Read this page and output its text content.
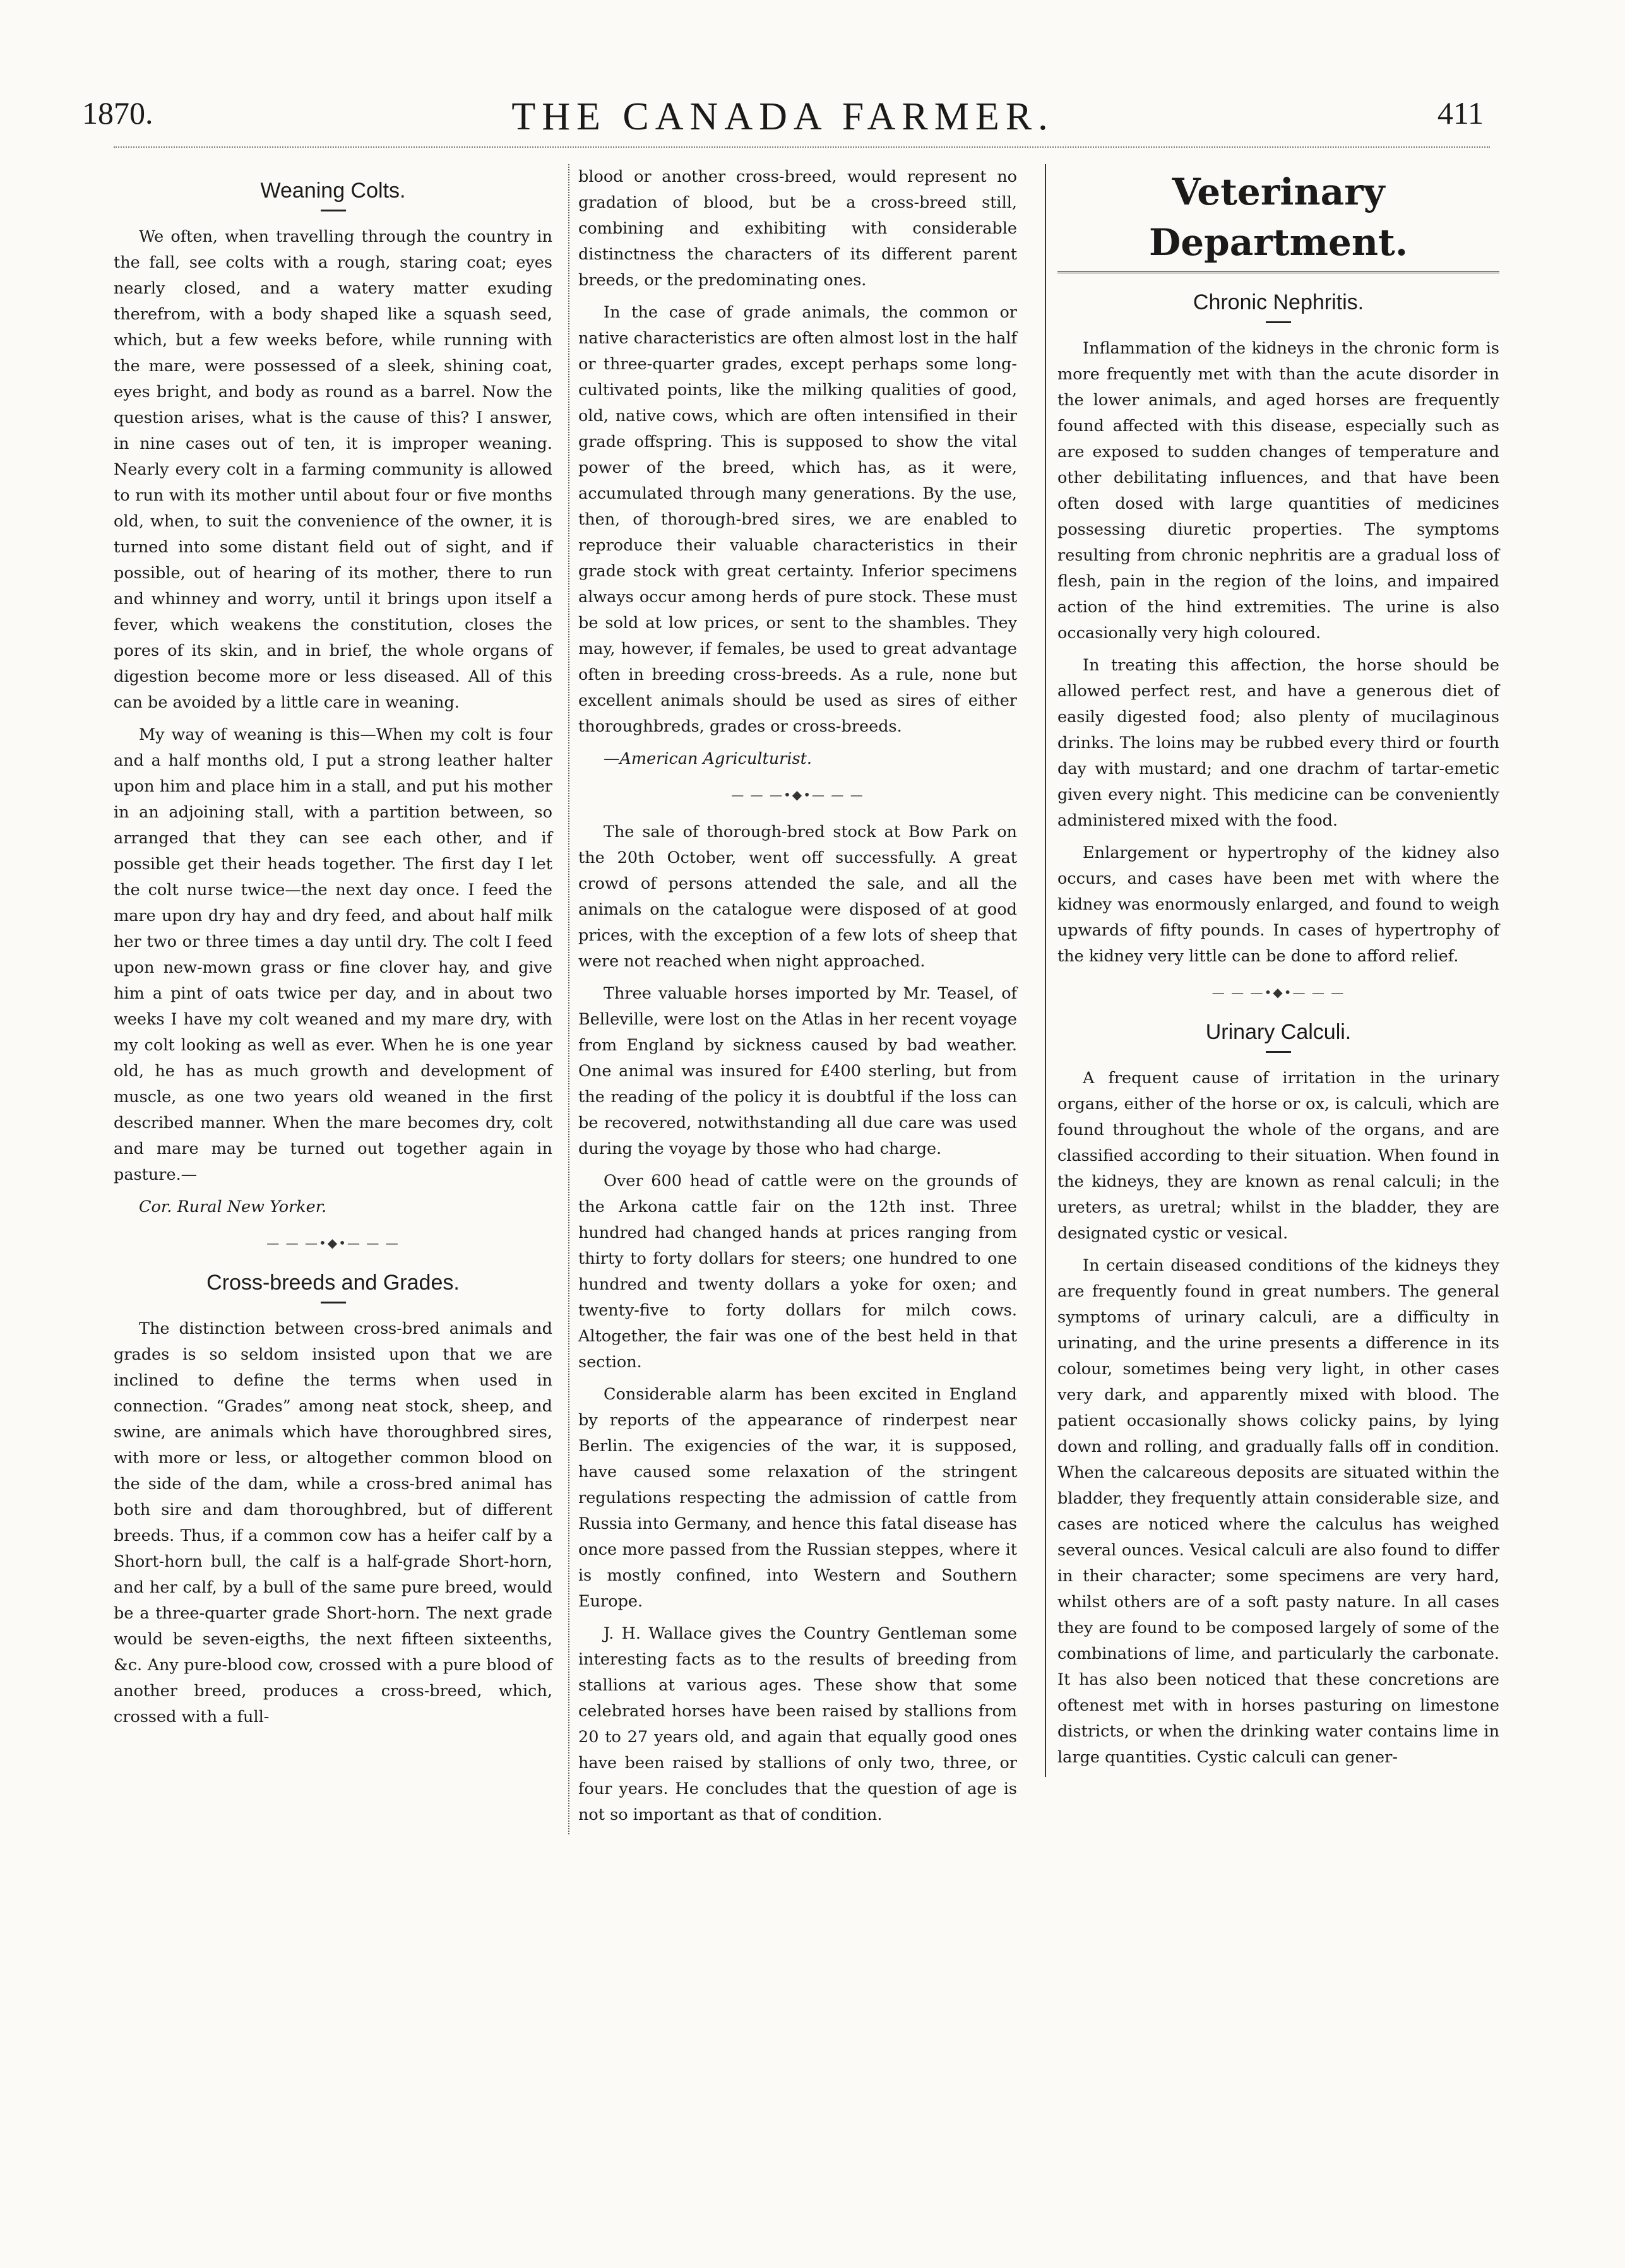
1870.	THE CANADA FARMER.	411
Weaning Colts.

We often, when travelling through the country in the fall, see colts with a rough, staring coat; eyes nearly closed, and a watery matter exuding therefrom, with a body shaped like a squash seed, which, but a few weeks before, while running with the mare, were possessed of a sleek, shining coat, eyes bright, and body as round as a barrel. Now the question arises, what is the cause of this? I answer, in nine cases out of ten, it is improper weaning. Nearly every colt in a farming community is allowed to run with its mother until about four or five months old, when, to suit the convenience of the owner, it is turned into some distant field out of sight, and if possible, out of hearing of its mother, there to run and whinney and worry, until it brings upon itself a fever, which weakens the constitution, closes the pores of its skin, and in brief, the whole organs of digestion become more or less diseased. All of this can be avoided by a little care in weaning.

My way of weaning is this—When my colt is four and a half months old, I put a strong leather halter upon him and place him in a stall, and put his mother in an adjoining stall, with a partition between, so arranged that they can see each other, and if possible get their heads together. The first day I let the colt nurse twice—the next day once. I feed the mare upon dry hay and dry feed, and about half milk her two or three times a day until dry. The colt I feed upon new-mown grass or fine clover hay, and give him a pint of oats twice per day, and in about two weeks I have my colt weaned and my mare dry, with my colt looking as well as ever. When he is one year old, he has as much growth and development of muscle, as one two years old weaned in the first described manner. When the mare becomes dry, colt and mare may be turned out together again in pasture.—

Cor. Rural New Yorker.

— — —•◆•— — —
Cross-breeds and Grades.

The distinction between cross-bred animals and grades is so seldom insisted upon that we are inclined to define the terms when used in connection. “Grades” among neat stock, sheep, and swine, are animals which have thoroughbred sires, with more or less, or altogether common blood on the side of the dam, while a cross-bred animal has both sire and dam thoroughbred, but of different breeds. Thus, if a common cow has a heifer calf by a Short-horn bull, the calf is a half-grade Short-horn, and her calf, by a bull of the same pure breed, would be a three-quarter grade Short-horn. The next grade would be seven-eigths, the next fifteen sixteenths, &c. Any pure-blood cow, crossed with a pure blood of another breed, produces a cross-breed, which, crossed with a full-

blood or another cross-breed, would represent no gradation of blood, but be a cross-breed still, combining and exhibiting with considerable distinctness the characters of its different parent breeds, or the predominating ones.

In the case of grade animals, the common or native characteristics are often almost lost in the half or three-quarter grades, except perhaps some long-cultivated points, like the milking qualities of good, old, native cows, which are often intensified in their grade offspring. This is supposed to show the vital power of the breed, which has, as it were, accumulated through many generations. By the use, then, of thorough-bred sires, we are enabled to reproduce their valuable characteristics in their grade stock with great certainty. Inferior specimens always occur among herds of pure stock. These must be sold at low prices, or sent to the shambles. They may, however, if females, be used to great advantage often in breeding cross-breeds. As a rule, none but excellent animals should be used as sires of either thoroughbreds, grades or cross-breeds.

—American Agriculturist.

— — —•◆•— — —

The sale of thorough-bred stock at Bow Park on the 20th October, went off successfully. A great crowd of persons attended the sale, and all the animals on the catalogue were disposed of at good prices, with the exception of a few lots of sheep that were not reached when night approached.

Three valuable horses imported by Mr. Teasel, of Belleville, were lost on the Atlas in her recent voyage from England by sickness caused by bad weather. One animal was insured for £400 sterling, but from the reading of the policy it is doubtful if the loss can be recovered, notwithstanding all due care was used during the voyage by those who had charge.

Over 600 head of cattle were on the grounds of the Arkona cattle fair on the 12th inst. Three hundred had changed hands at prices ranging from thirty to forty dollars for steers; one hundred to one hundred and twenty dollars a yoke for oxen; and twenty-five to forty dollars for milch cows. Altogether, the fair was one of the best held in that section.

Considerable alarm has been excited in England by reports of the appearance of rinderpest near Berlin. The exigencies of the war, it is supposed, have caused some relaxation of the stringent regulations respecting the admission of cattle from Russia into Germany, and hence this fatal disease has once more passed from the Russian steppes, where it is mostly confined, into Western and Southern Europe.

J. H. Wallace gives the Country Gentleman some interesting facts as to the results of breeding from stallions at various ages. These show that some celebrated horses have been raised by stallions from 20 to 27 years old, and again that equally good ones have been raised by stallions of only two, three, or four years. He concludes that the question of age is not so important as that of condition.

Veterinary Department.
Chronic Nephritis.

Inflammation of the kidneys in the chronic form is more frequently met with than the acute disorder in the lower animals, and aged horses are frequently found affected with this disease, especially such as are exposed to sudden changes of temperature and other debilitating influences, and that have been often dosed with large quantities of medicines possessing diuretic properties. The symptoms resulting from chronic nephritis are a gradual loss of flesh, pain in the region of the loins, and impaired action of the hind extremities. The urine is also occasionally very high coloured.

In treating this affection, the horse should be allowed perfect rest, and have a generous diet of easily digested food; also plenty of mucilaginous drinks. The loins may be rubbed every third or fourth day with mustard; and one drachm of tartar-emetic given every night. This medicine can be conveniently administered mixed with the food.

Enlargement or hypertrophy of the kidney also occurs, and cases have been met with where the kidney was enormously enlarged, and found to weigh upwards of fifty pounds. In cases of hypertrophy of the kidney very little can be done to afford relief.

— — —•◆•— — —
Urinary Calculi.

A frequent cause of irritation in the urinary organs, either of the horse or ox, is calculi, which are found throughout the whole of the organs, and are classified according to their situation. When found in the kidneys, they are known as renal calculi; in the ureters, as uretral; whilst in the bladder, they are designated cystic or vesical.

In certain diseased conditions of the kidneys they are frequently found in great numbers. The general symptoms of urinary calculi, are a difficulty in urinating, and the urine presents a difference in its colour, sometimes being very light, in other cases very dark, and apparently mixed with blood. The patient occasionally shows colicky pains, by lying down and rolling, and gradually falls off in condition. When the calcareous deposits are situated within the bladder, they frequently attain considerable size, and cases are noticed where the calculus has weighed several ounces. Vesical calculi are also found to differ in their character; some specimens are very hard, whilst others are of a soft pasty nature. In all cases they are found to be composed largely of some of the combinations of lime, and particularly the carbonate. It has also been noticed that these concretions are oftenest met with in horses pasturing on limestone districts, or when the drinking water contains lime in large quantities. Cystic calculi can gener-
